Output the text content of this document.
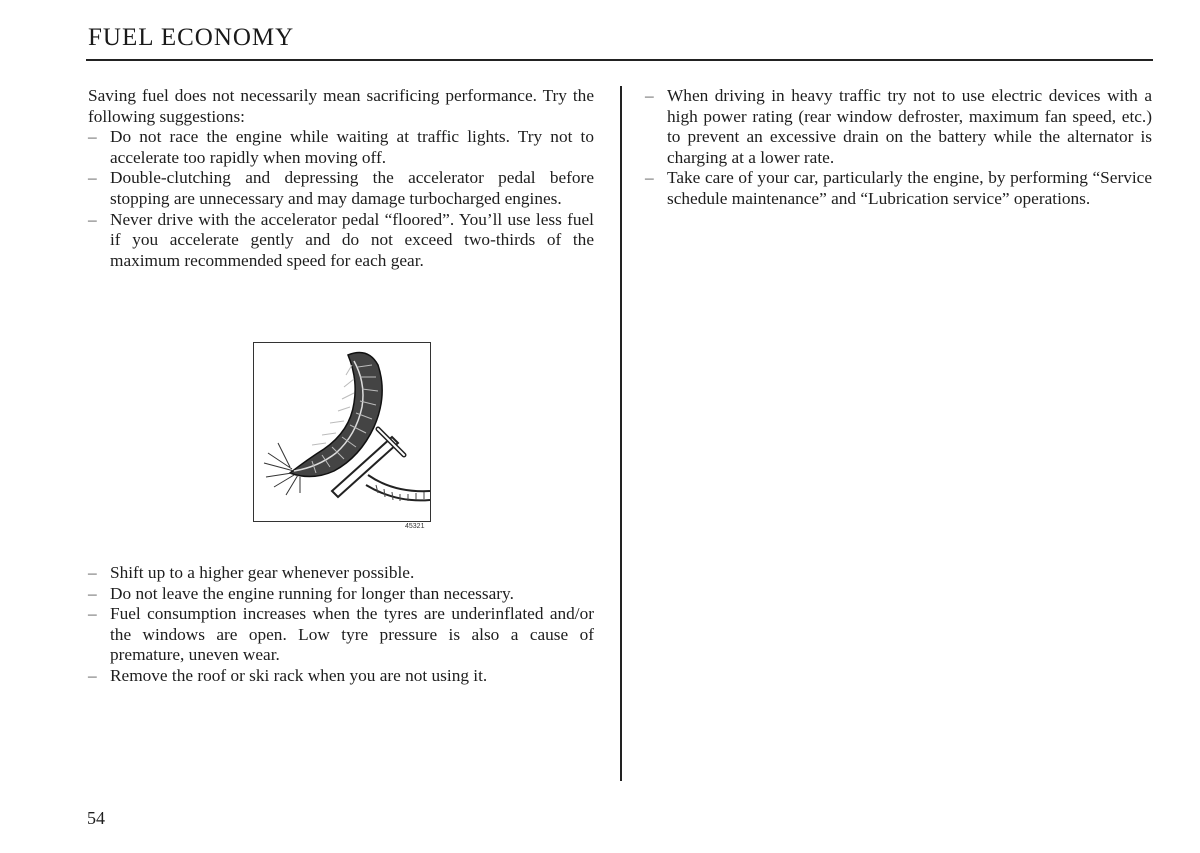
FUEL ECONOMY

Saving fuel does not necessarily mean sacrificing performance. Try the following suggestions:

– Do not race the engine while waiting at traffic lights. Try not to accelerate too rapidly when moving off.
– Double-clutching and depressing the accelerator pedal before stopping are unnecessary and may damage turbocharged engines.
– Never drive with the accelerator pedal “floored”. You’ll use less fuel if you accelerate gently and do not exceed two-thirds of the maximum recommended speed for each gear.
45321
– Shift up to a higher gear whenever possible.
– Do not leave the engine running for longer than necessary.
– Fuel consumption increases when the tyres are underinflated and/or the windows are open. Low tyre pressure is also a cause of premature, uneven wear.
– Remove the roof or ski rack when you are not using it.
– When driving in heavy traffic try not to use electric devices with a high power rating (rear window defroster, maximum fan speed, etc.) to prevent an excessive drain on the battery while the alternator is charging at a lower rate.
– Take care of your car, particularly the engine, by performing “Service schedule maintenance” and “Lubrication service” operations.
54
